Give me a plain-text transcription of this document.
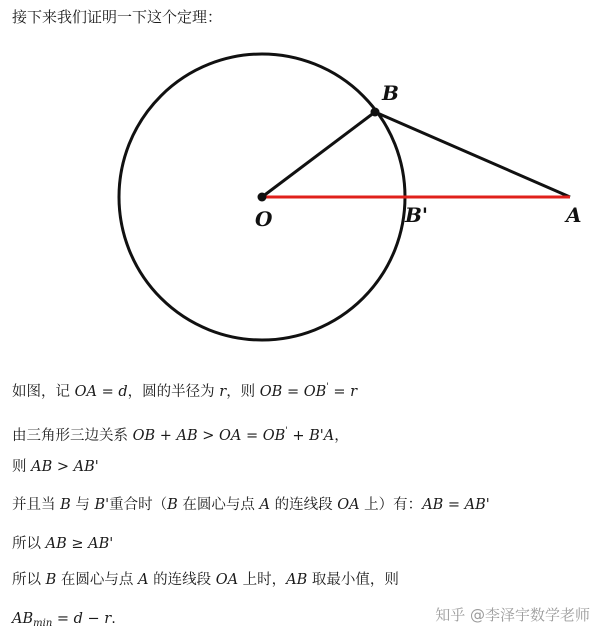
接下来我们证明一下这个定理：
B
O	B'	A
如图，记 OA = d，圆的半径为 r，则 OB = OB' = r
由三角形三边关系 OB + AB > OA = OB' + B'A，
则 AB > AB'
并且当 B 与 B'重合时（B 在圆心与点 A 的连线段 OA 上）有：AB = AB'
所以 AB ≥ AB'
所以 B 在圆心与点 A 的连线段 OA 上时，AB 取最小值，则
$AB_{min} = d - r$.	知乎 @李泽宇数学老师
